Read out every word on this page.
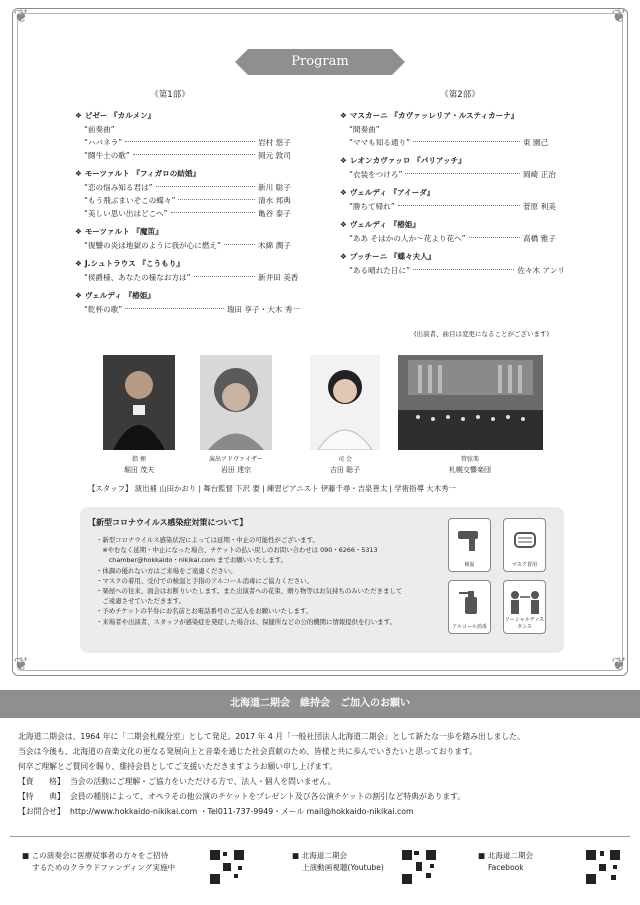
❦	❦
❦	❦
Program
《第1部》	《第2部》
❖ ビゼー 『カルメン』
“前奏曲”
“ハバネラ”	岩村 悠子
“闘牛士の歌”	岡元 敦司
❖ モーツァルト 『フィガロの結婚』
“恋の悩み知る君は”	新川 聡子
“もう飛ぶまいぞこの蝶々”	清水 邦典
“美しい思い出はどこへ”	亀谷 泰子
❖ モーツァルト 『魔笛』
“復讐の炎は地獄のように我が心に燃え”	木綿 潤子
❖ J.シュトラウス 『こうもり』
“侯爵様、あなたの様なお方は”	新井田 美香
❖ ヴェルディ 『椿姫』
“乾杯の歌”	瑞田 享子・大木 秀一
❖ マスカーニ 『カヴァッレリア・ルスティカーナ』
“間奏曲”
“ママも知る通り”	東 園己
❖ レオンカヴァッロ 『パリアッチ』
“衣装をつけろ”	岡崎 正治
❖ ヴェルディ 『アイーダ』
“勝ちて帰れ”	菅原 利美
❖ ヴェルディ 『椿姫』
“ああ そはかの人か〜花より花へ”	高橋 雅子
❖ プッチーニ 『蝶々夫人』
“ある晴れた日に”	佐々木 アンリ
(出演者、曲目は変更になることがございます)
指 揮
堀田 茂夫
演出アドヴァイザー
岩田 達宗
司 会
吉田 聡子
管弦楽
札幌交響楽団
【スタッフ】 演出補 山田かおり | 舞台監督 下沢 要 | 練習ピアニスト 伊藤千尋・吉泉善太 | 学術指導 大木秀一
【新型コロナウイルス感染症対策について】
・新型コロナウイルス感染状況によっては延期・中止の可能性がございます。
　※やむなく延期・中止になった場合、チケットの払い戻しのお問い合わせは 090・6266・5313
　　chamber@hokkaido・nikikai.com までお願いいたします。
・体調の優れない方はご来場をご遠慮ください。
・マスクの着用、受付での検温と手指のアルコール消毒にご協力ください。
・楽屋への往来、面会はお断りいたします。また出演者への花束、贈り物等はお気持ちのみいただきまして
　ご遠慮させていただきます。
・予めチケットの半券にお名前とお電話番号のご記入をお願いいたします。
・来場者や出演者、スタッフが感染症を発症した場合は、保健所などの公的機関に情報提供を行います。
検温	マスク着用
アルコール消毒
ソーシャルディスタンス
北海道二期会　維持会　ご加入のお願い
北海道二期会は、1964 年に「二期会札幌分室」として発足。2017 年 4 月「一般社団法人北海道二期会」として新たな一歩を踏み出しました。
当会は今後も、北海道の音楽文化の更なる発展向上と音楽を通じた社会貢献のため、皆様と共に歩んでいきたいと思っております。
何卒ご理解とご賛同を賜り、維持会員としてご支援いただきますようお願い申し上げます。
【資　　格】 当会の活動にご理解・ご協力をいただける方で、法人・個人を問いません。
【特　　典】 会員の種別によって、オペラその他公演のチケットをプレゼント及び各公演チケットの割引など特典があります。
【お問合せ】 http://www.hokkaido-nikikai.com ・Tel011-737-9949・メール mail@hokkaido-nikikai.com
■ この演奏会に医療従事者の方々をご招待
するためのクラウドファンディング実施中
■ 北海道二期会
上演動画視聴(Youtube)
■ 北海道二期会
Facebook
